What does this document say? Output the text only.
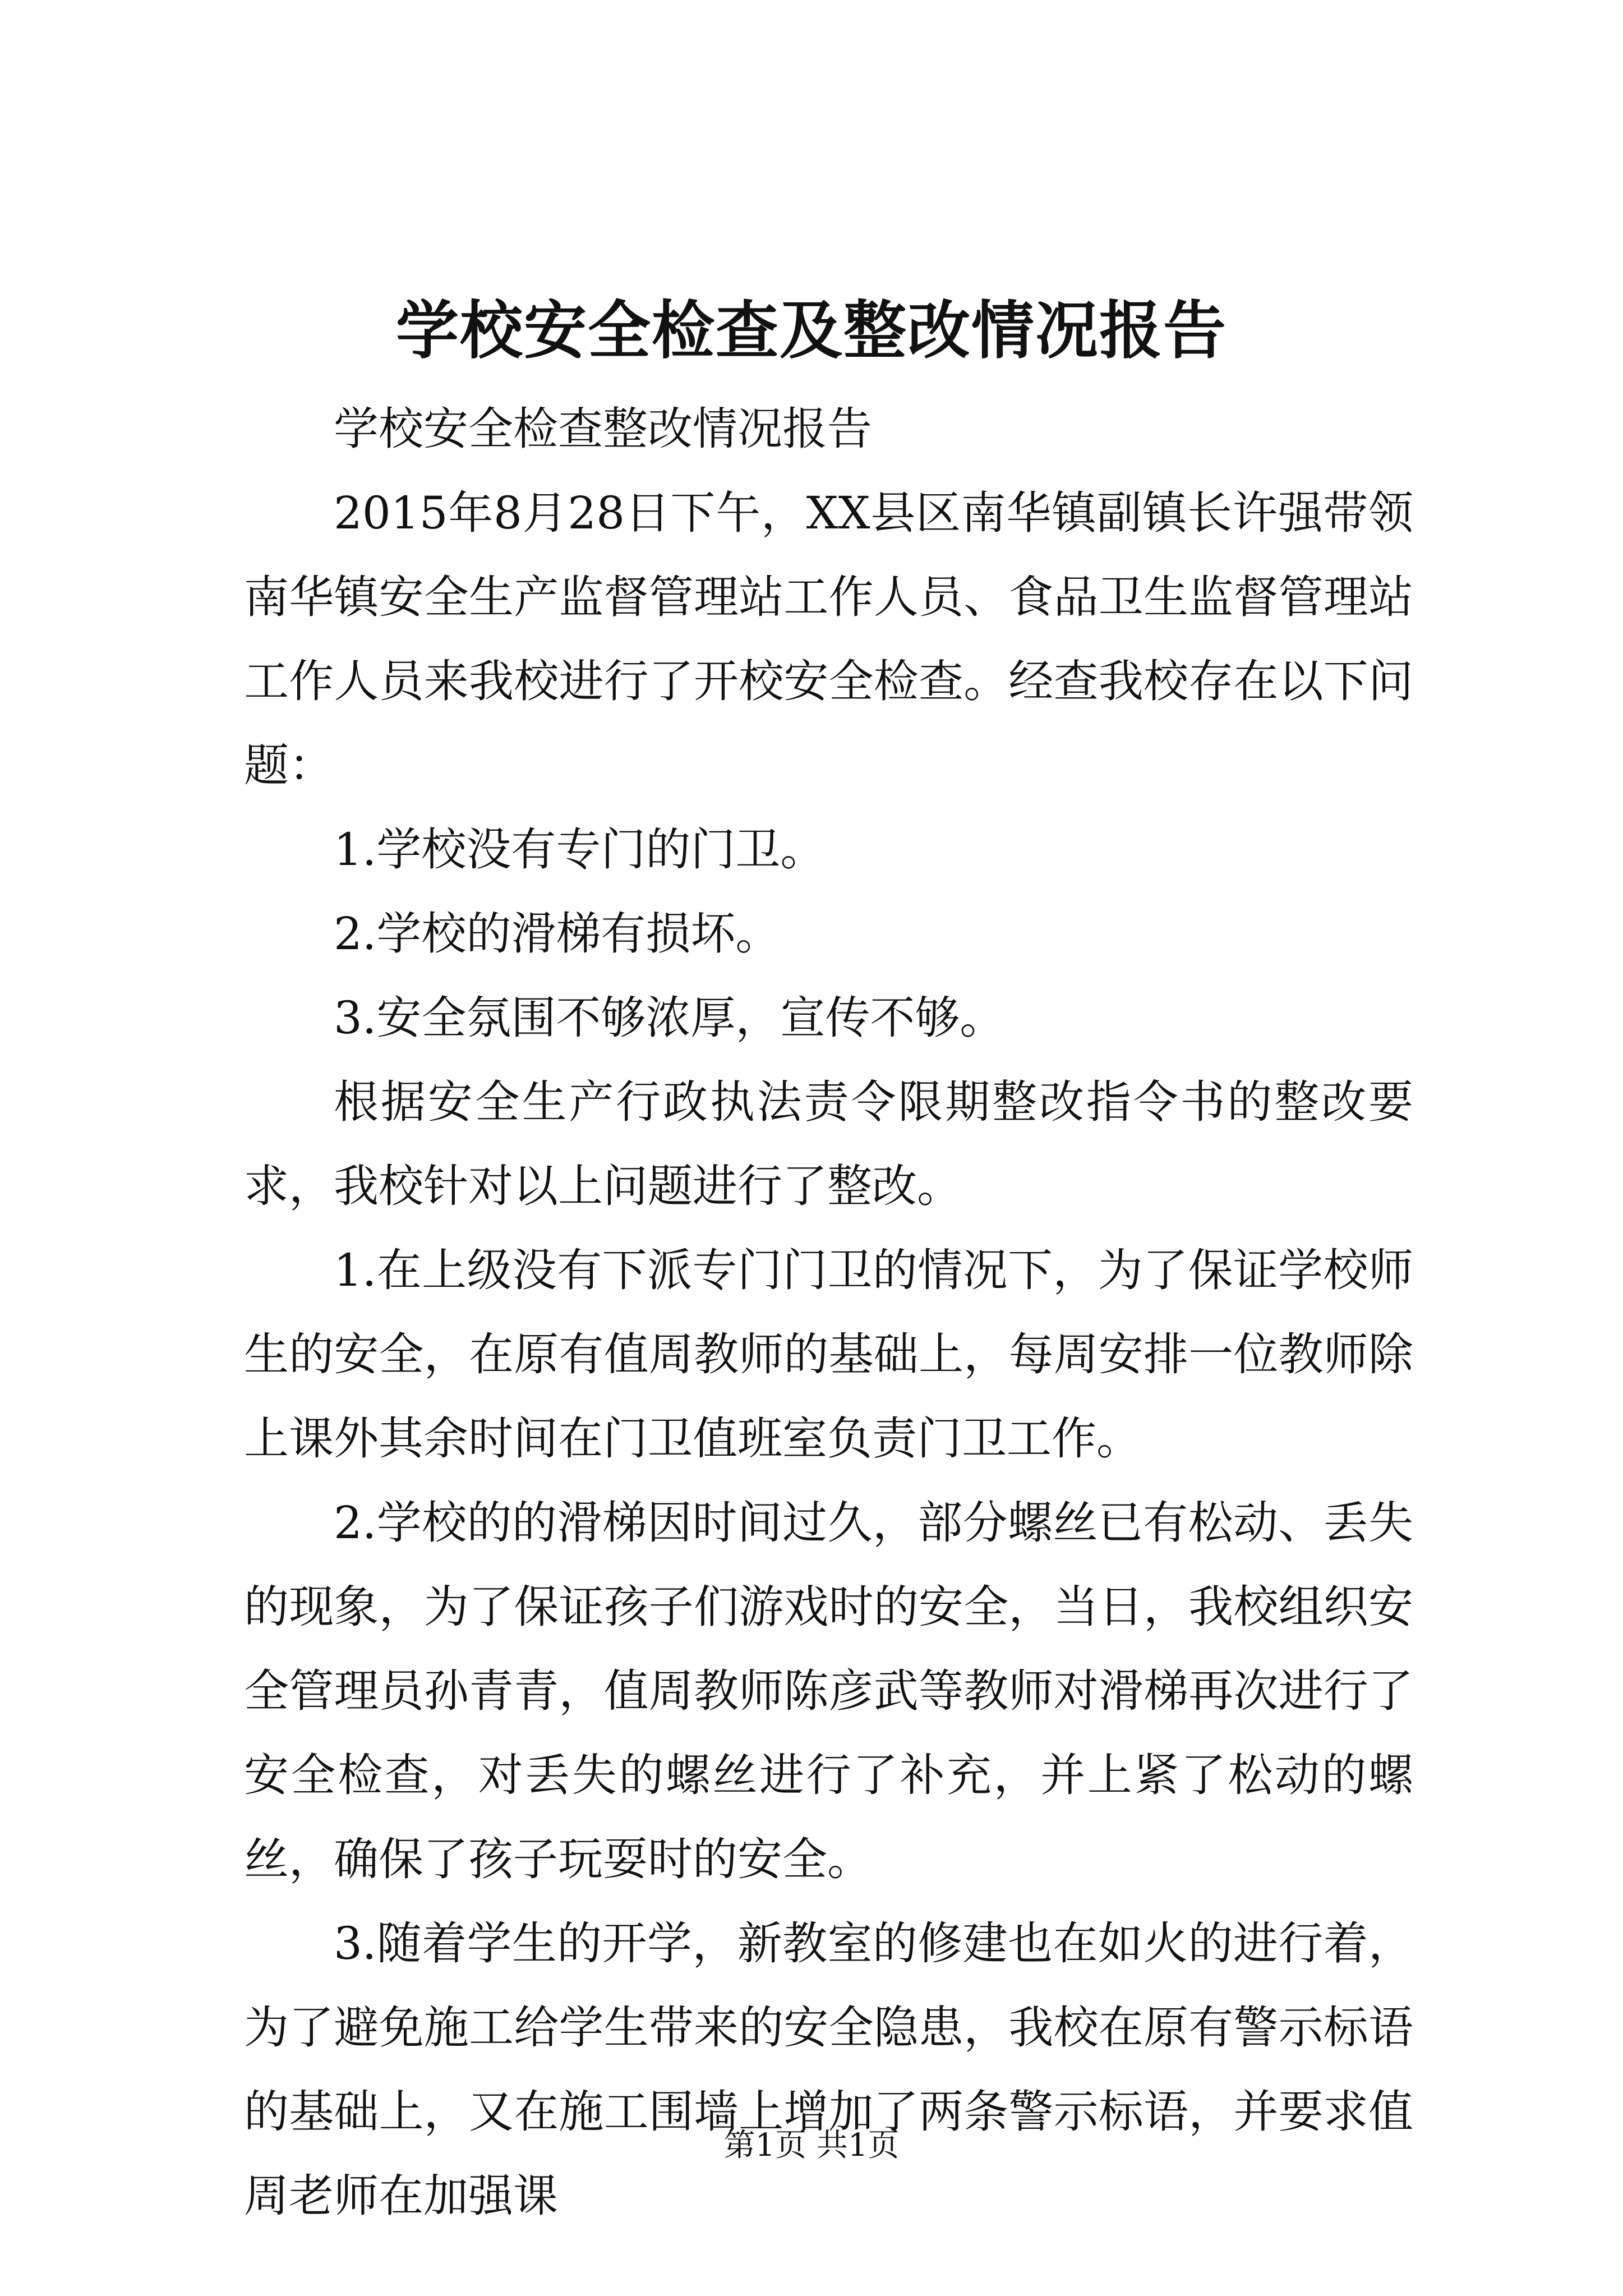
学校安全检查及整改情况报告

学校安全检查整改情况报告

2015年8月28日下午，XX县区南华镇副镇长许强带领南华镇安全生产监督管理站工作人员、食品卫生监督管理站工作人员来我校进行了开校安全检查。经查我校存在以下问题：

1.学校没有专门的门卫。

2.学校的滑梯有损坏。

3.安全氛围不够浓厚，宣传不够。

根据安全生产行政执法责令限期整改指令书的整改要求，我校针对以上问题进行了整改。

1.在上级没有下派专门门卫的情况下，为了保证学校师生的安全，在原有值周教师的基础上，每周安排一位教师除上课外其余时间在门卫值班室负责门卫工作。

2.学校的的滑梯因时间过久，部分螺丝已有松动、丢失的现象，为了保证孩子们游戏时的安全，当日，我校组织安全管理员孙青青，值周教师陈彦武等教师对滑梯再次进行了安全检查，对丢失的螺丝进行了补充，并上紧了松动的螺丝，确保了孩子玩耍时的安全。

3.随着学生的开学，新教室的修建也在如火的进行着，为了避免施工给学生带来的安全隐患，我校在原有警示标语的基础上，又在施工围墙上增加了两条警示标语，并要求值周老师在加强课

第1页 共1页
